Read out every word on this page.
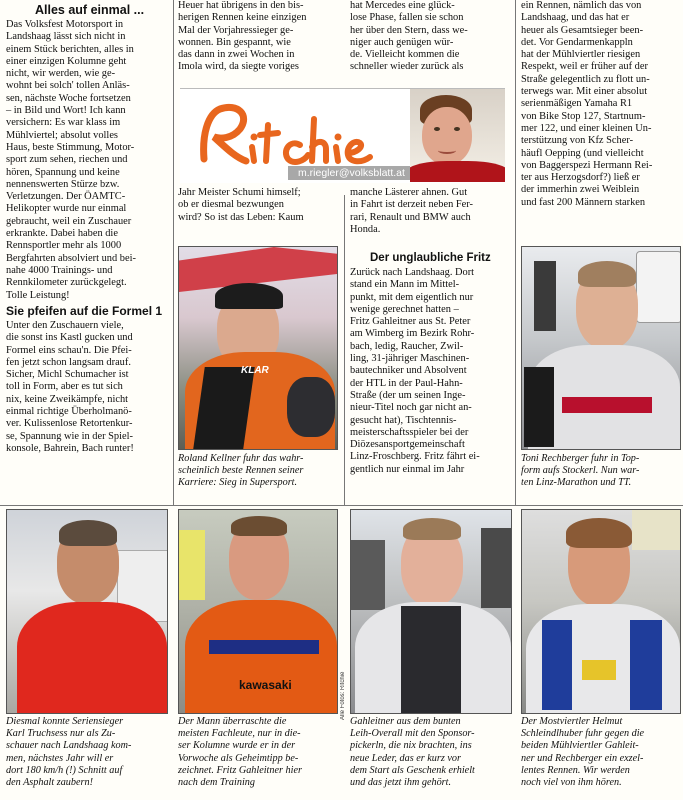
Alles auf einmal ...

Das Volksfest Motorsport in
Landshaag lässt sich nicht in
einem Stück berichten, alles in
einer einzigen Kolumne geht
nicht, wir werden, wie ge-
wohnt bei solch' tollen Anläs-
sen, nächste Woche fortsetzen
– in Bild und Wort! Ich kann
versichern: Es war klass im
Mühlviertel; absolut volles
Haus, beste Stimmung, Motor-
sport zum sehen, riechen und
hören, Spannung und keine
nennenswerten Stürze bzw.
Verletzungen. Der ÖAMTC-
Helikopter wurde nur einmal
gebraucht, weil ein Zuschauer
erkrankte. Dabei haben die
Rennsportler mehr als 1000
Bergfahrten absolviert und bei-
nahe 4000 Trainings- und
Rennkilometer zurückgelegt.
Tolle Leistung!

Sie pfeifen auf die Formel 1

Unter den Zuschauern viele,
die sonst ins Kastl gucken und
Formel eins schau'n. Die Pfei-
fen jetzt schon langsam drauf.
Sicher, Michl Schumacher ist
toll in Form, aber es tut sich
nix, keine Zweikämpfe, nicht
einmal richtige Überholmanö-
ver. Kulissenlose Retortenkur-
se, Spannung wie in der Spiel-
konsole, Bahrein, Bach runter!

Heuer hat übrigens in den bis-
herigen Rennen keine einzigen
Mal der Vorjahressieger ge-
wonnen. Bin gespannt, wie
das dann in zwei Wochen in
Imola wird, da siegte voriges

Jahr Meister Schumi himself;
ob er diesmal bezwungen
wird? So ist das Leben: Kaum

hat Mercedes eine glück-
lose Phase, fallen sie schon
her über den Stern, dass we-
niger auch genügen wür-
de. Vielleicht kommen die
schneller wieder zurück als

manche Lästerer ahnen. Gut
in Fahrt ist derzeit neben Fer-
rari, Renault und BMW auch
Honda.

Der unglaubliche Fritz

Zurück nach Landshaag. Dort
stand ein Mann im Mittel-
punkt, mit dem eigentlich nur
wenige gerechnet hatten –
Fritz Gahleitner aus St. Peter
am Wimberg im Bezirk Rohr-
bach, ledig, Raucher, Zwil-
ling, 31-jähriger Maschinen-
bautechniker und Absolvent
der HTL in der Paul-Hahn-
Straße (der um seinen Inge-
nieur-Titel noch gar nicht an-
gesucht hat), Tischtennis-
meisterschaftsspieler bei der
Diözesansportgemeinschaft
Linz-Froschberg. Fritz fährt ei-
gentlich nur einmal im Jahr

ein Rennen, nämlich das von
Landshaag, und das hat er
heuer als Gesamtsieger been-
det. Vor Gendarmenkappln
hat der Mühlviertler riesigen
Respekt, weil er früher auf der
Straße gelegentlich zu flott un-
terwegs war. Mit einer absolut
serienmäßigen Yamaha R1
von Bike Stop 127, Startnum-
mer 122, und einer kleinen Un-
terstützung von Kfz Scher-
häufl Oepping (und vielleicht
von Baggerspezi Hermann Rei-
ter aus Herzogsdorf?) ließ er
der immerhin zwei Weiblein
und fast 200 Männern starken

m.riegler@volksblatt.at
KLAR

Roland Kellner fuhr das wahr-
scheinlich beste Rennen seiner
Karriere: Sieg in Supersport.

Toni Rechberger fuhr in Top-
form aufs Stockerl. Nun war-
ten Linz-Marathon und TT.

Diesmal konnte Seriensieger
Karl Truchsess nur als Zu-
schauer nach Landshaag kom-
men, nächstes Jahr will er
dort 180 km/h (!) Schnitt auf
den Asphalt zaubern!

kawasaki

Der Mann überraschte die
meisten Fachleute, nur in die-
ser Kolumne wurde er in der
Vorwoche als Geheimtipp be-
zeichnet. Fritz Gahleitner hier
nach dem Training

Alle Fotos: Ritchie

Gahleitner aus dem bunten
Leih-Overall mit den Sponsor-
pickerln, die nix brachten, ins
neue Leder, das er kurz vor
dem Start als Geschenk erhielt
und das jetzt ihm gehört.

Der Mostviertler Helmut
Schleindlhuber fuhr gegen die
beiden Mühlviertler Gahleit-
ner und Rechberger ein exzel-
lentes Rennen. Wir werden
noch viel von ihm hören.
